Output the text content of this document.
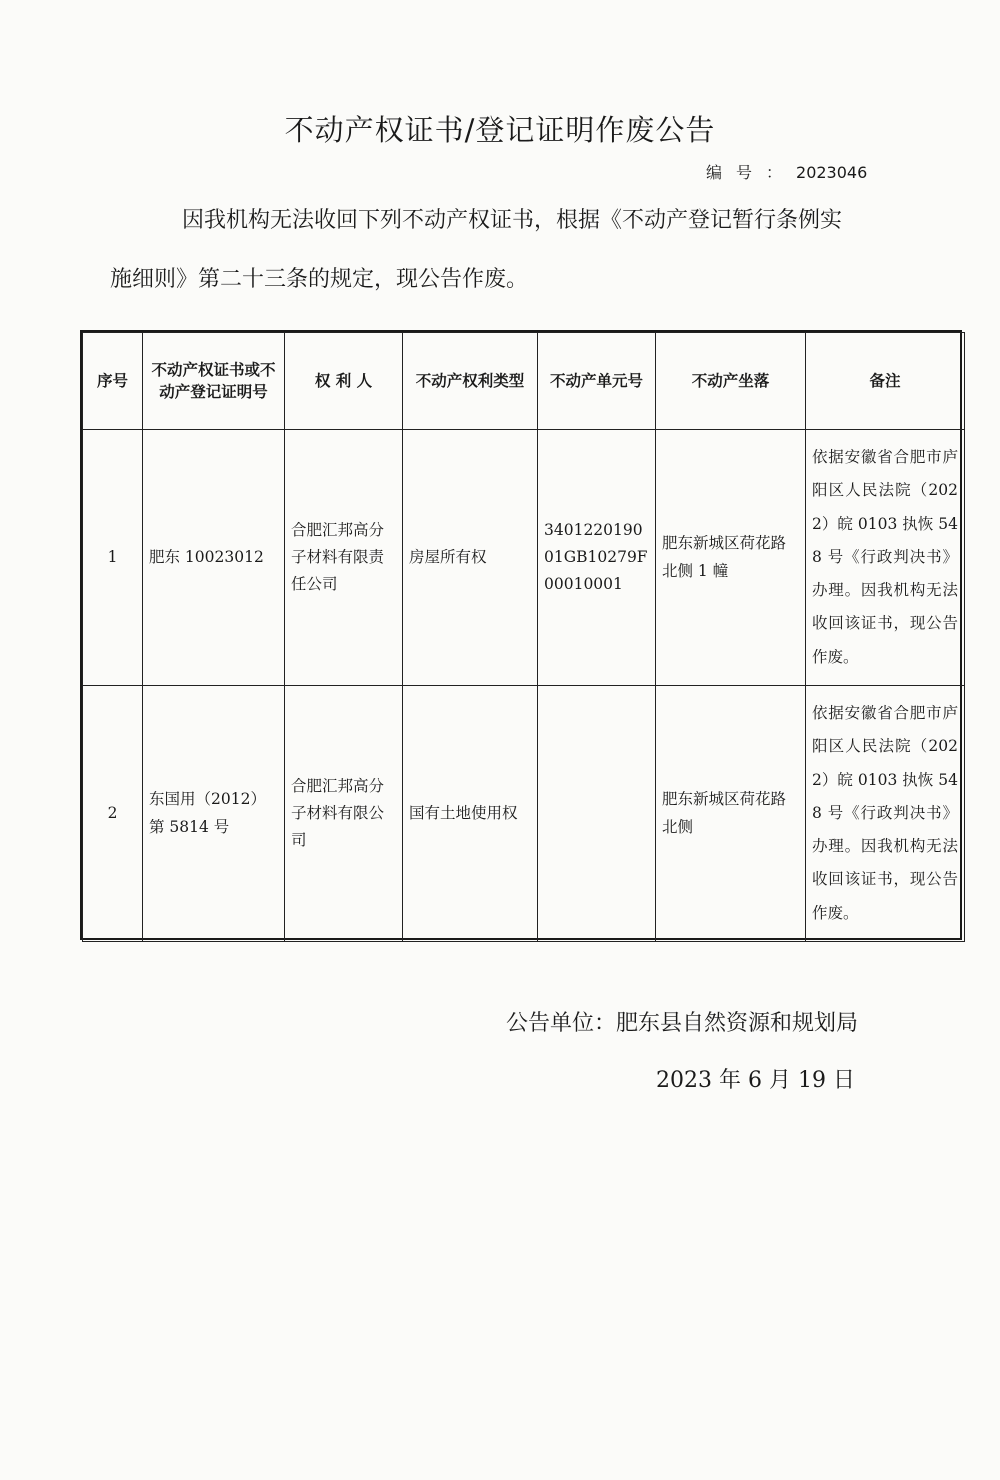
不动产权证书/登记证明作废公告
编号：2023046
因我机构无法收回下列不动产权证书，根据《不动产登记暂行条例实
施细则》第二十三条的规定，现公告作废。
序号	不动产权证书或不动产登记证明号	权 利 人	不动产权利类型	不动产单元号	不动产坐落	备注
1	肥东 10023012	合肥汇邦高分子材料有限责任公司	房屋所有权	340122019001GB10279F00010001	肥东新城区荷花路北侧 1 幢	依据安徽省合肥市庐阳区人民法院（2022）皖 0103 执恢 548 号《行政判决书》办理。因我机构无法收回该证书，现公告作废。
2	东国用（2012）第 5814 号	合肥汇邦高分子材料有限公司	国有土地使用权		肥东新城区荷花路北侧	依据安徽省合肥市庐阳区人民法院（2022）皖 0103 执恢 548 号《行政判决书》办理。因我机构无法收回该证书，现公告作废。
公告单位：肥东县自然资源和规划局
2023 年 6 月 19 日
